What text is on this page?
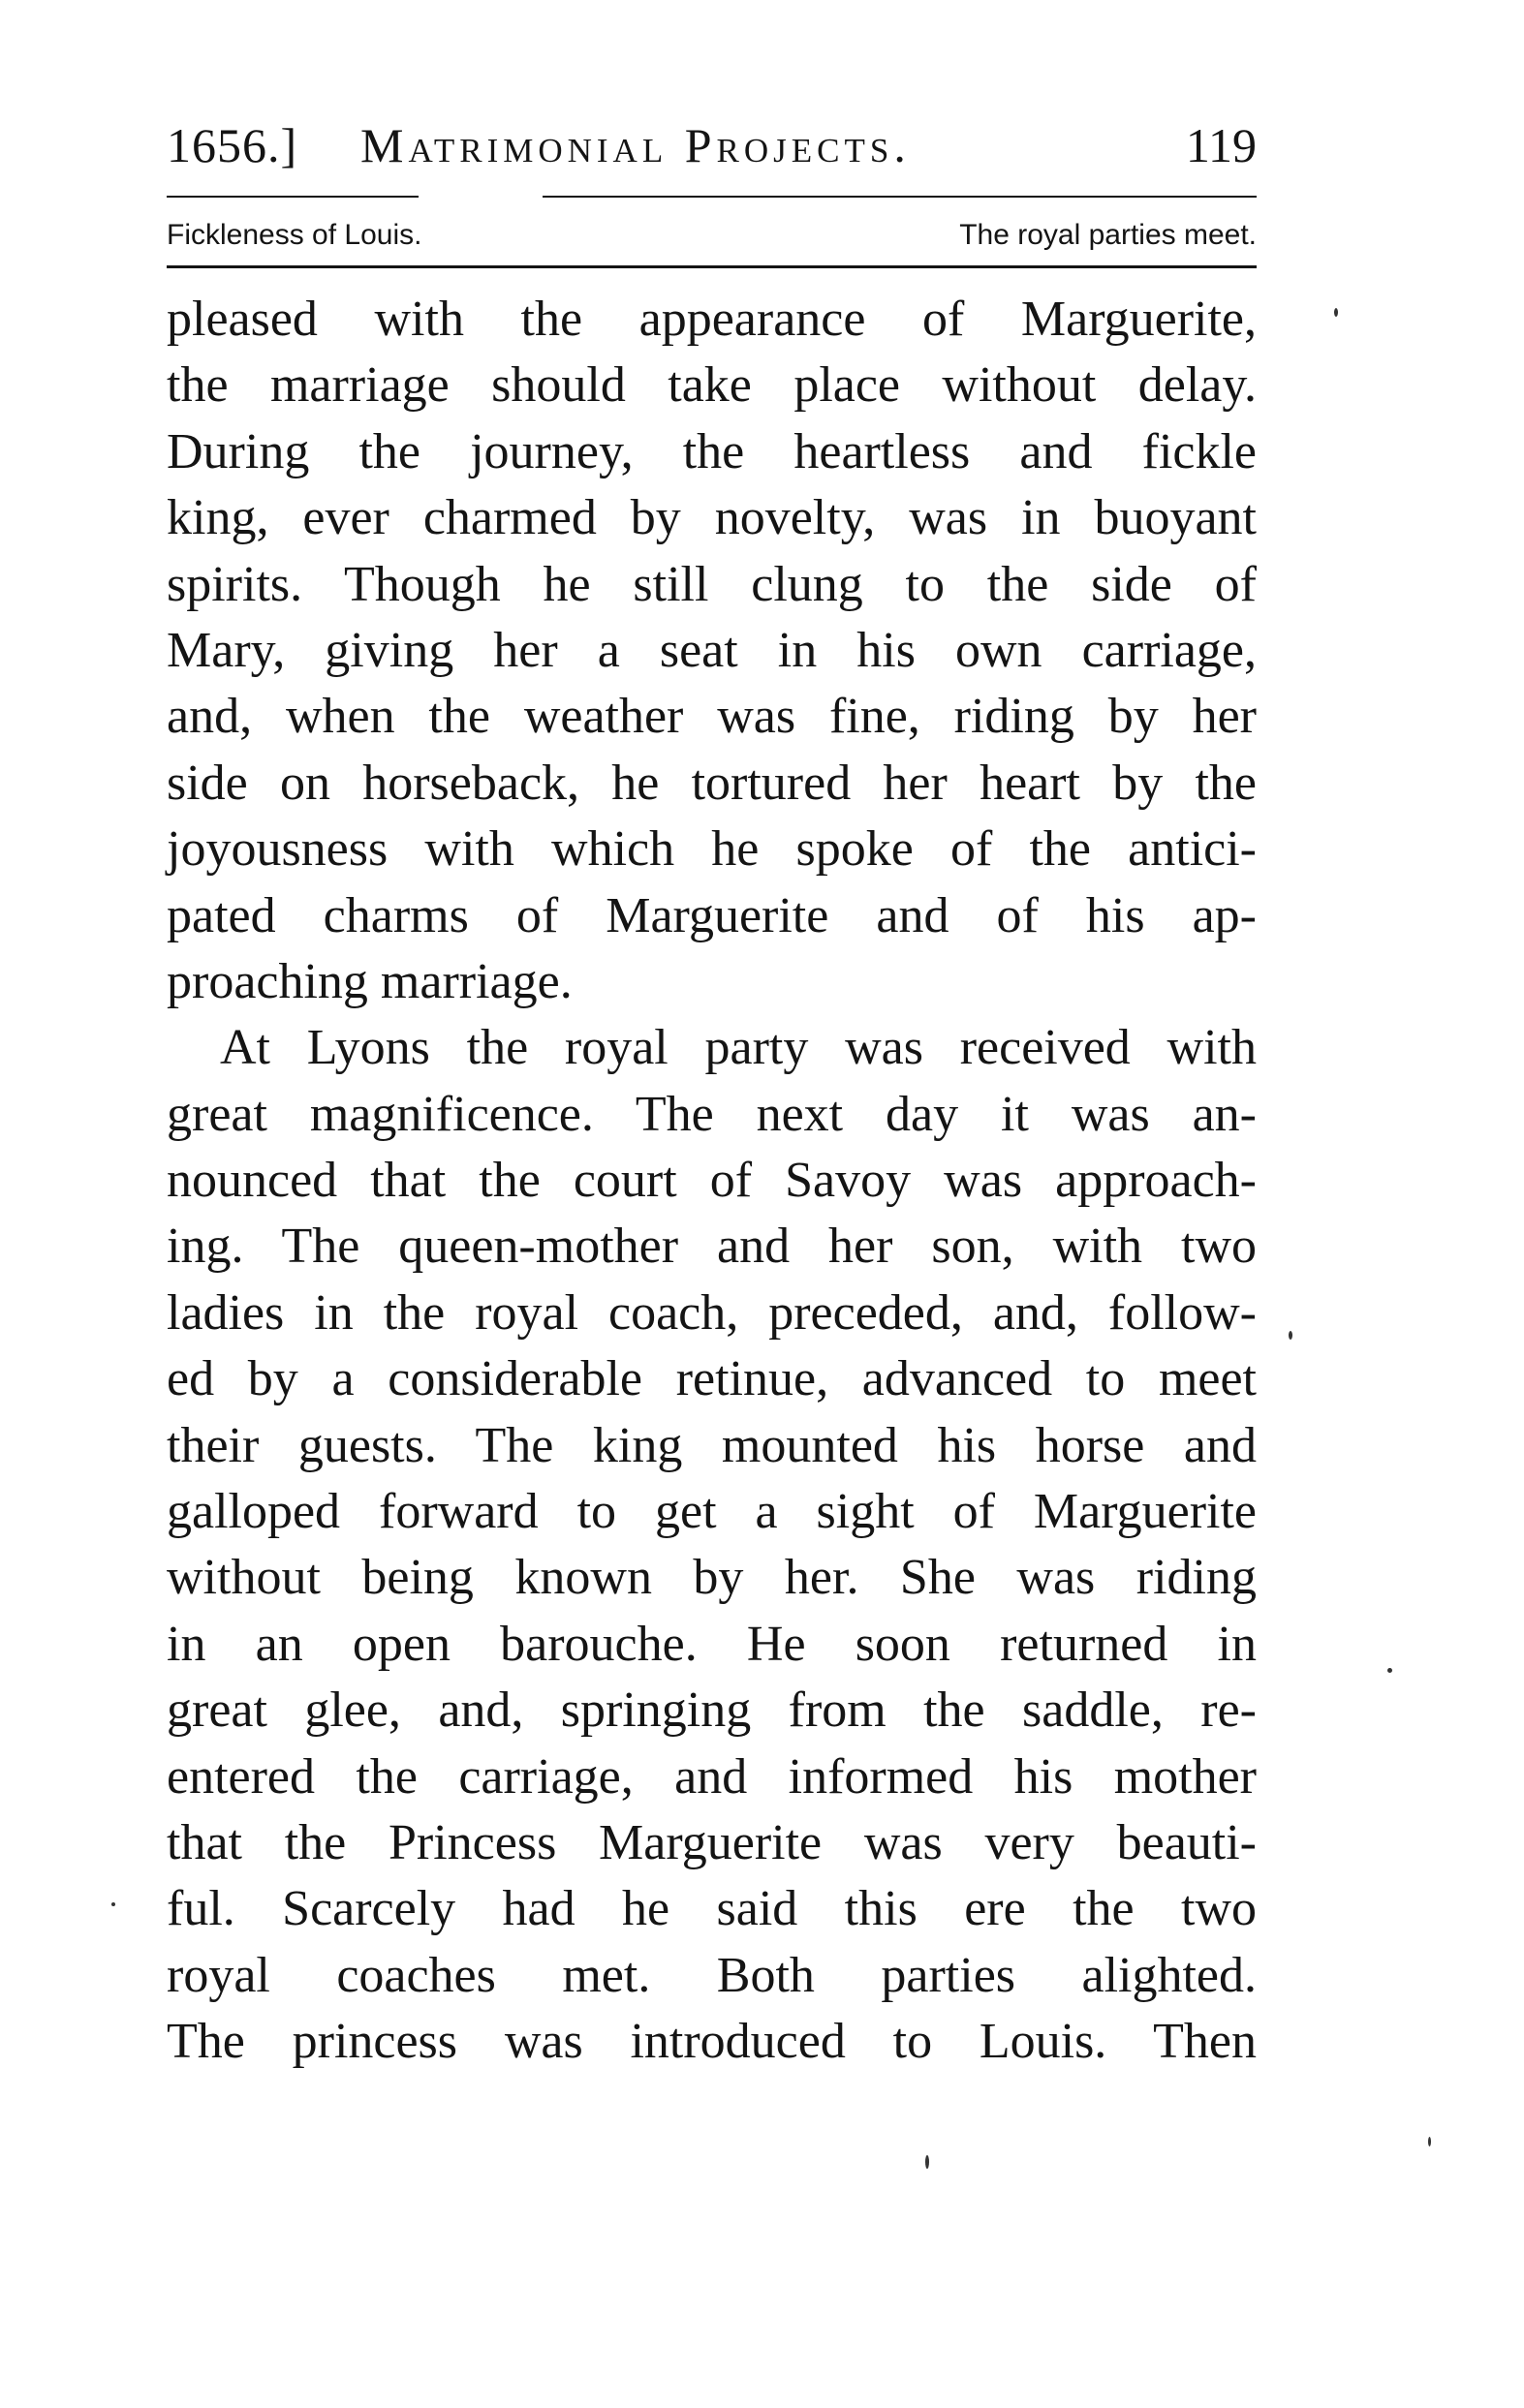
1656.] Matrimonial Projects.	119
Fickleness of Louis.	The royal parties meet.
pleased with the appearance of Marguerite,
the marriage should take place without delay.
During the journey, the heartless and fickle
king, ever charmed by novelty, was in buoyant
spirits. Though he still clung to the side of
Mary, giving her a seat in his own carriage,
and, when the weather was fine, riding by her
side on horseback, he tortured her heart by the
joyousness with which he spoke of the antici-
pated charms of Marguerite and of his ap-
proaching marriage.
At Lyons the royal party was received with
great magnificence. The next day it was an-
nounced that the court of Savoy was approach-
ing. The queen-mother and her son, with two
ladies in the royal coach, preceded, and, follow-
ed by a considerable retinue, advanced to meet
their guests. The king mounted his horse and
galloped forward to get a sight of Marguerite
without being known by her. She was riding
in an open barouche. He soon returned in
great glee, and, springing from the saddle, re-
entered the carriage, and informed his mother
that the Princess Marguerite was very beauti-
ful. Scarcely had he said this ere the two
royal coaches met. Both parties alighted.
The princess was introduced to Louis. Then
